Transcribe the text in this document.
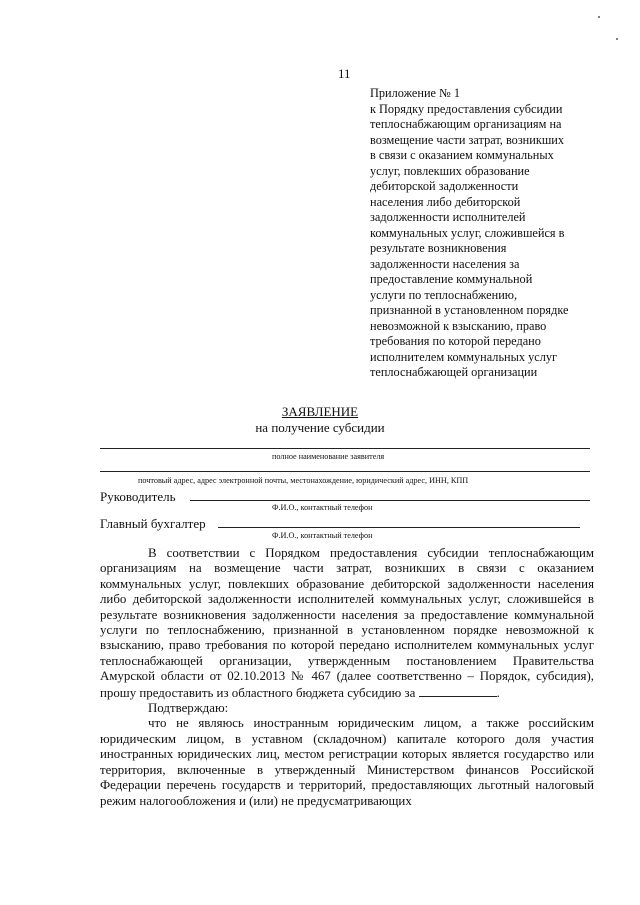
11
Приложение № 1
к Порядку предоставления субсидии
теплоснабжающим организациям на
возмещение части затрат, возникших
в связи с оказанием коммунальных
услуг, повлекших образование
дебиторской задолженности
населения либо дебиторской
задолженности исполнителей
коммунальных услуг, сложившейся в
результате возникновения
задолженности населения за
предоставление коммунальной
услуги по теплоснабжению,
признанной в установленном порядке
невозможной к взысканию, право
требования по которой передано
исполнителем коммунальных услуг
теплоснабжающей организации
ЗАЯВЛЕНИЕ
на получение субсидии
полное наименование заявителя
почтовый адрес, адрес электронной почты, местонахождение, юридический адрес, ИНН, КПП
Руководитель
Ф.И.О., контактный телефон
Главный бухгалтер
Ф.И.О., контактный телефон

В соответствии с Порядком предоставления субсидии теплоснабжающим организациям на возмещение части затрат, возникших в связи с оказанием коммунальных услуг, повлекших образование дебиторской задолженности населения либо дебиторской задолженности исполнителей коммунальных услуг, сложившейся в результате возникновения задолженности населения за предоставление коммунальной услуги по теплоснабжению, признанной в установленном порядке невозможной к взысканию, право требования по которой передано исполнителем коммунальных услуг теплоснабжающей организации, утвержденным постановлением Правительства Амурской области от 02.10.2013 № 467 (далее соответственно – Порядок, субсидия), прошу предоставить из областного бюджета субсидию за	.

Подтверждаю:

что не являюсь иностранным юридическим лицом, а также российским юридическим лицом, в уставном (складочном) капитале которого доля участия иностранных юридических лиц, местом регистрации которых является государство или территория, включенные в утвержденный Министерством финансов Российской Федерации перечень государств и территорий, предоставляющих льготный налоговый режим налогообложения и (или) не предусматривающих
